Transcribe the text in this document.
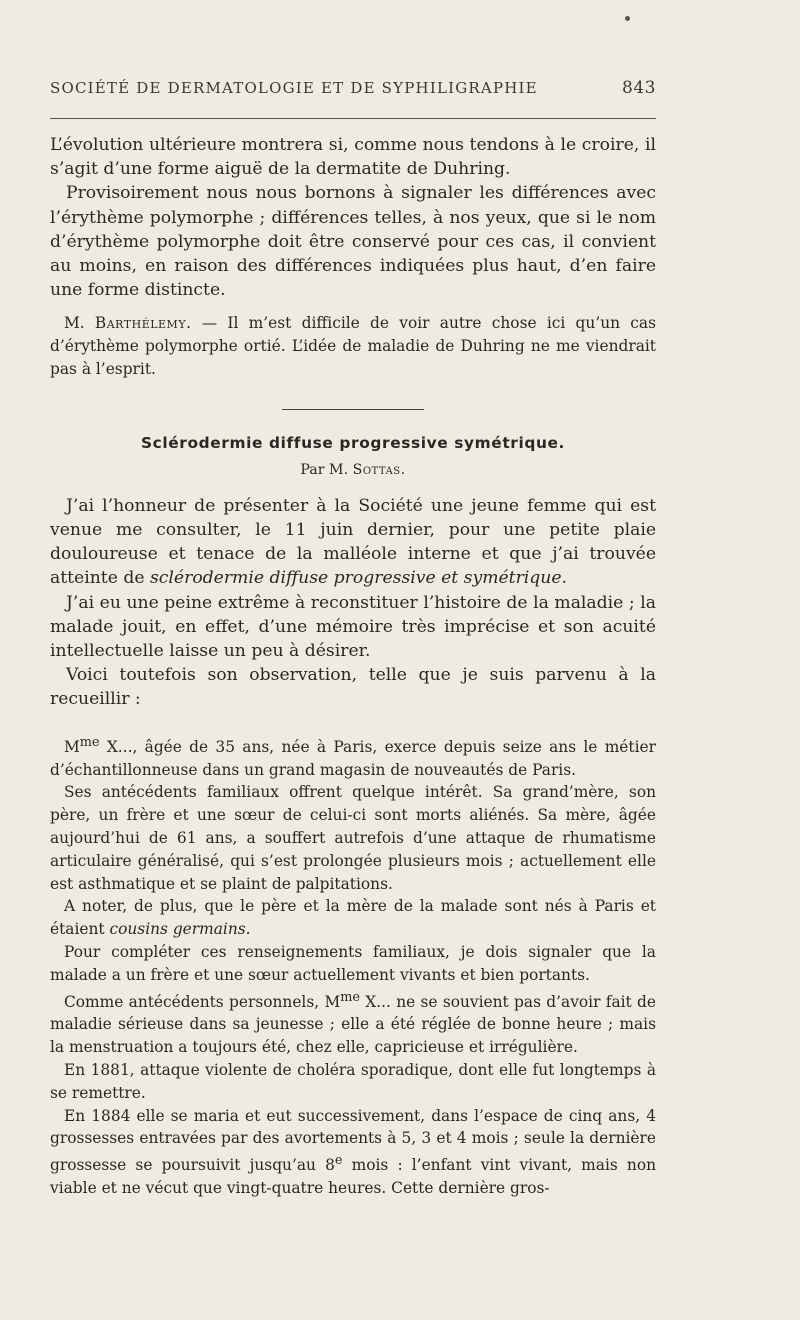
SOCIÉTÉ DE DERMATOLOGIE ET DE SYPHILIGRAPHIE	843

L’évolution ultérieure montrera si, comme nous tendons à le croire, il s’agit d’une forme aiguë de la dermatite de Duhring.

Provisoirement nous nous bornons à signaler les différences avec l’érythème polymorphe ; différences telles, à nos yeux, que si le nom d’érythème polymorphe doit être conservé pour ces cas, il convient au moins, en raison des différences indiquées plus haut, d’en faire une forme distincte.

M. Barthélemy. — Il m’est difficile de voir autre chose ici qu’un cas d’érythème polymorphe ortié. L’idée de maladie de Duhring ne me viendrait pas à l’esprit.

Sclérodermie diffuse progressive symétrique.
Par M. Sottas.

J’ai l’honneur de présenter à la Société une jeune femme qui est venue me consulter, le 11 juin dernier, pour une petite plaie douloureuse et tenace de la malléole interne et que j’ai trouvée atteinte de sclérodermie diffuse progressive et symétrique.

J’ai eu une peine extrême à reconstituer l’histoire de la maladie ; la malade jouit, en effet, d’une mémoire très imprécise et son acuité intellectuelle laisse un peu à désirer.

Voici toutefois son observation, telle que je suis parvenu à la recueillir :

$M^{me}$ X..., âgée de 35 ans, née à Paris, exerce depuis seize ans le métier d’échantillonneuse dans un grand magasin de nouveautés de Paris.

Ses antécédents familiaux offrent quelque intérêt. Sa grand’mère, son père, un frère et une sœur de celui-ci sont morts aliénés. Sa mère, âgée aujourd’hui de 61 ans, a souffert autrefois d’une attaque de rhumatisme articulaire généralisé, qui s’est prolongée plusieurs mois ; actuellement elle est asthmatique et se plaint de palpitations.

A noter, de plus, que le père et la mère de la malade sont nés à Paris et étaient cousins germains.

Pour compléter ces renseignements familiaux, je dois signaler que la malade a un frère et une sœur actuellement vivants et bien portants.

Comme antécédents personnels, $M^{me}$ X... ne se souvient pas d’avoir fait de maladie sérieuse dans sa jeunesse ; elle a été réglée de bonne heure ; mais la menstruation a toujours été, chez elle, capricieuse et irrégulière.

En 1881, attaque violente de choléra sporadique, dont elle fut longtemps à se remettre.

En 1884 elle se maria et eut successivement, dans l’espace de cinq ans, 4 grossesses entravées par des avortements à 5, 3 et 4 mois ; seule la dernière grossesse se poursuivit jusqu’au 8e mois : l’enfant vint vivant, mais non viable et ne vécut que vingt-quatre heures. Cette dernière gros-
